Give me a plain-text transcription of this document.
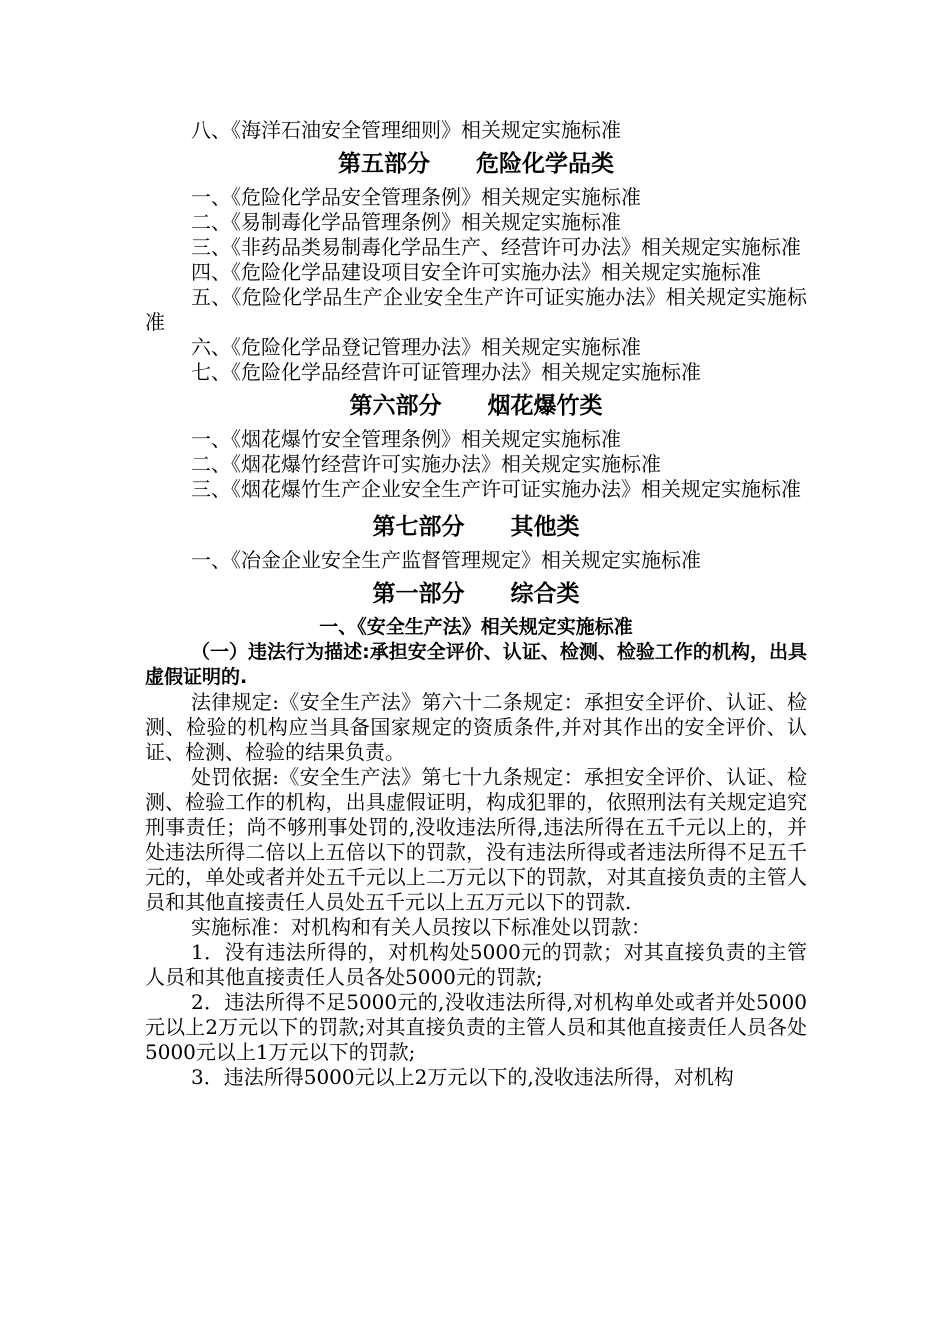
八、《海洋石油安全管理细则》相关规定实施标准

第五部分　　危险化学品类

一、《危险化学品安全管理条例》相关规定实施标准

二、《易制毒化学品管理条例》相关规定实施标准

三、《非药品类易制毒化学品生产、经营许可办法》相关规定实施标准

四、《危险化学品建设项目安全许可实施办法》相关规定实施标准

五、《危险化学品生产企业安全生产许可证实施办法》相关规定实施标准

六、《危险化学品登记管理办法》相关规定实施标准

七、《危险化学品经营许可证管理办法》相关规定实施标准

第六部分　　烟花爆竹类

一、《烟花爆竹安全管理条例》相关规定实施标准

二、《烟花爆竹经营许可实施办法》相关规定实施标准

三、《烟花爆竹生产企业安全生产许可证实施办法》相关规定实施标准

第七部分　　其他类

一、《冶金企业安全生产监督管理规定》相关规定实施标准

第一部分　　综合类
一、《安全生产法》相关规定实施标准

（一）违法行为描述:承担安全评价、认证、检测、检验工作的机构，出具虚假证明的.

法律规定:《安全生产法》第六十二条规定：承担安全评价、认证、检测、检验的机构应当具备国家规定的资质条件,并对其作出的安全评价、认证、检测、检验的结果负责。

处罚依据:《安全生产法》第七十九条规定：承担安全评价、认证、检测、检验工作的机构，出具虚假证明，构成犯罪的，依照刑法有关规定追究刑事责任；尚不够刑事处罚的,没收违法所得,违法所得在五千元以上的，并处违法所得二倍以上五倍以下的罚款，没有违法所得或者违法所得不足五千元的，单处或者并处五千元以上二万元以下的罚款，对其直接负责的主管人员和其他直接责任人员处五千元以上五万元以下的罚款.

实施标准：对机构和有关人员按以下标准处以罚款：

1．没有违法所得的，对机构处5000元的罚款；对其直接负责的主管人员和其他直接责任人员各处5000元的罚款;

2．违法所得不足5000元的,没收违法所得,对机构单处或者并处5000元以上2万元以下的罚款;对其直接负责的主管人员和其他直接责任人员各处5000元以上1万元以下的罚款;

3．违法所得5000元以上2万元以下的,没收违法所得，对机构
